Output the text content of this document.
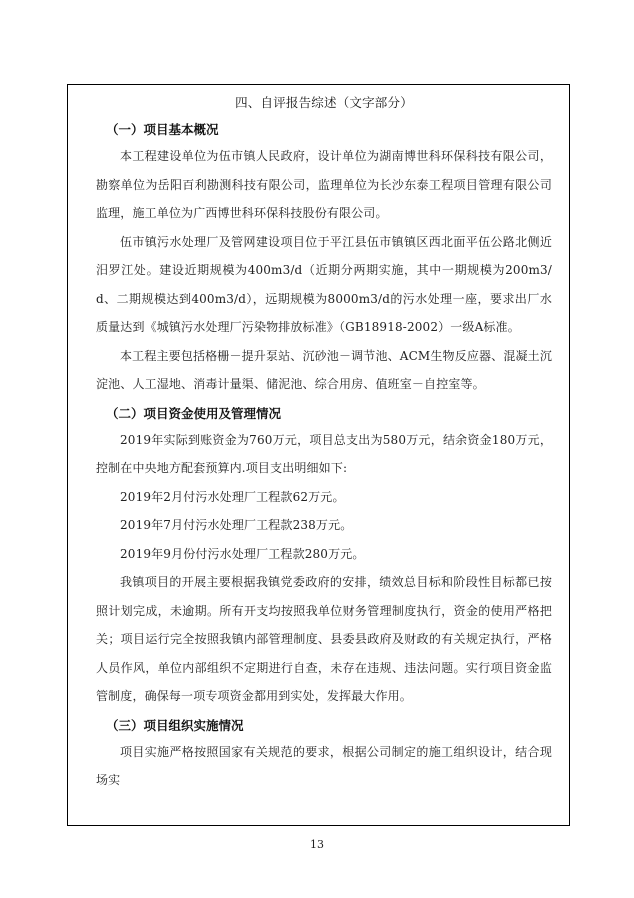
四、自评报告综述（文字部分）
（一）项目基本概况

本工程建设单位为伍市镇人民政府，设计单位为湖南博世科环保科技有限公司，勘察单位为岳阳百利勘测科技有限公司，监理单位为长沙东泰工程项目管理有限公司监理，施工单位为广西博世科环保科技股份有限公司。

伍市镇污水处理厂及管网建设项目位于平江县伍市镇镇区西北面平伍公路北侧近汨罗江处。建设近期规模为400m3/d（近期分两期实施，其中一期规模为200m3/d、二期规模达到400m3/d），远期规模为8000m3/d的污水处理一座，要求出厂水质量达到《城镇污水处理厂污染物排放标准》（GB18918-2002）一级A标准。

本工程主要包括格栅－提升泵站、沉砂池－调节池、ACM生物反应器、混凝土沉淀池、人工湿地、消毒计量渠、储泥池、综合用房、值班室－自控室等。

（二）项目资金使用及管理情况

2019年实际到账资金为760万元，项目总支出为580万元，结余资金180万元，控制在中央地方配套预算内.项目支出明细如下:

2019年2月付污水处理厂工程款62万元。

2019年7月付污水处理厂工程款238万元。

2019年9月份付污水处理厂工程款280万元。

我镇项目的开展主要根据我镇党委政府的安排，绩效总目标和阶段性目标都已按照计划完成，未逾期。所有开支均按照我单位财务管理制度执行，资金的使用严格把关；项目运行完全按照我镇内部管理制度、县委县政府及财政的有关规定执行，严格人员作风，单位内部组织不定期进行自查，未存在违规、违法问题。实行项目资金监管制度，确保每一项专项资金都用到实处，发挥最大作用。

（三）项目组织实施情况

项目实施严格按照国家有关规范的要求，根据公司制定的施工组织设计，结合现场实

13
